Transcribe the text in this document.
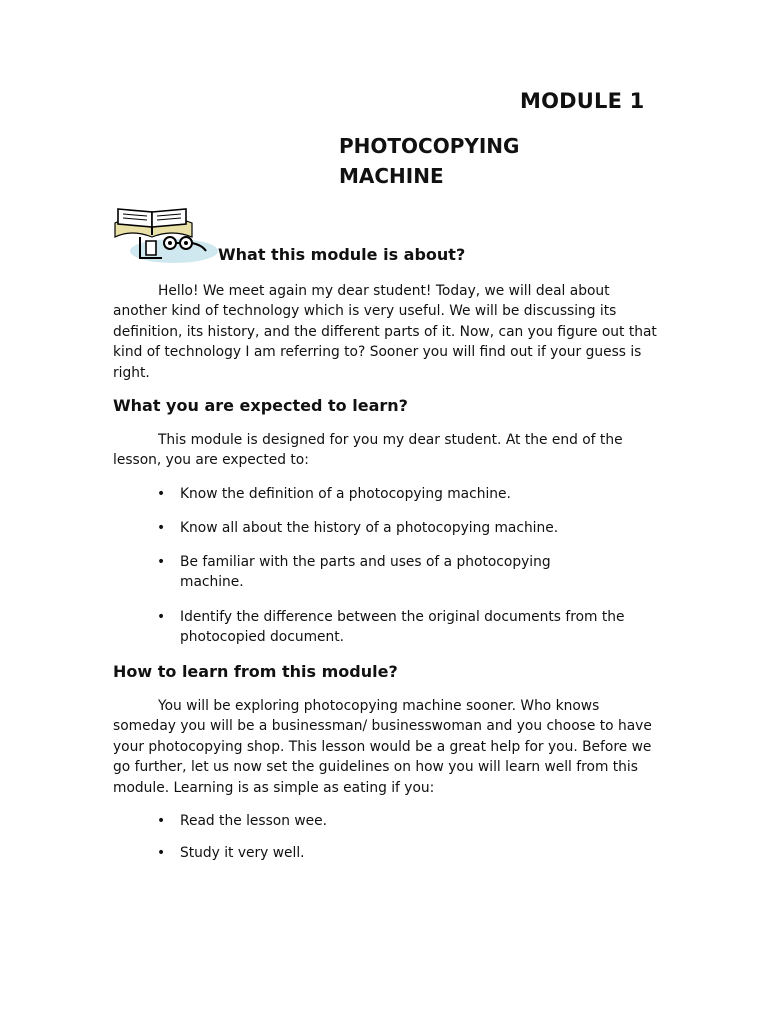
MODULE 1
PHOTOCOPYING
MACHINE
What this module is about?

Hello! We meet again my dear student! Today, we will deal about another kind of technology which is very useful. We will be discussing its definition, its history, and the different parts of it. Now, can you figure out that kind of technology I am referring to? Sooner you will find out if your guess is right.

What you are expected to learn?

This module is designed for you my dear student. At the end of the lesson, you are expected to:

• Know the definition of a photocopying machine.
• Know all about the history of a photocopying machine.
• Be familiar with the parts and uses of a photocopying machine.
• Identify the difference between the original documents from the photocopied document.
How to learn from this module?

You will be exploring photocopying machine sooner. Who knows someday you will be a businessman/ businesswoman and you choose to have your photocopying shop. This lesson would be a great help for you. Before we go further, let us now set the guidelines on how you will learn well from this module. Learning is as simple as eating if you:

• Read the lesson wee.
• Study it very well.
